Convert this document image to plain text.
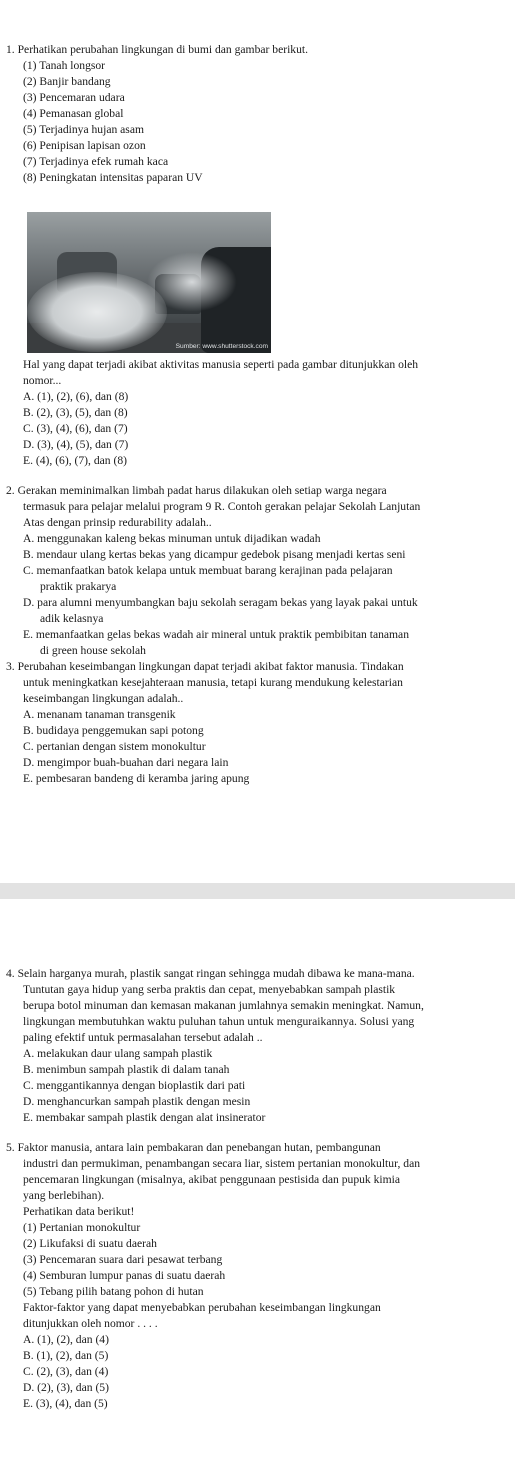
1. Perhatikan perubahan lingkungan di bumi dan gambar berikut.
(1) Tanah longsor
(2) Banjir bandang
(3) Pencemaran udara
(4) Pemanasan global
(5) Terjadinya hujan asam
(6) Penipisan lapisan ozon
(7) Terjadinya efek rumah kaca
(8) Peningkatan intensitas paparan UV
Sumber: www.shutterstock.com
Hal yang dapat terjadi akibat aktivitas manusia seperti pada gambar ditunjukkan oleh
nomor...
A. (1), (2), (6), dan (8)
B. (2), (3), (5), dan (8)
C. (3), (4), (6), dan (7)
D. (3), (4), (5), dan (7)
E. (4), (6), (7), dan (8)
2. Gerakan meminimalkan limbah padat harus dilakukan oleh setiap warga negara
termasuk para pelajar melalui program 9 R. Contoh gerakan pelajar Sekolah Lanjutan
Atas dengan prinsip redurability adalah..
A. menggunakan kaleng bekas minuman untuk dijadikan wadah
B. mendaur ulang kertas bekas yang dicampur gedebok pisang menjadi kertas seni
C. memanfaatkan batok kelapa untuk membuat barang kerajinan pada pelajaran
praktik prakarya
D. para alumni menyumbangkan baju sekolah seragam bekas yang layak pakai untuk
adik kelasnya
E. memanfaatkan gelas bekas wadah air mineral untuk praktik pembibitan tanaman
di green house sekolah
3. Perubahan keseimbangan lingkungan dapat terjadi akibat faktor manusia. Tindakan
untuk meningkatkan kesejahteraan manusia, tetapi kurang mendukung kelestarian
keseimbangan lingkungan adalah..
A. menanam tanaman transgenik
B. budidaya penggemukan sapi potong
C. pertanian dengan sistem monokultur
D. mengimpor buah-buahan dari negara lain
E. pembesaran bandeng di keramba jaring apung
4. Selain harganya murah, plastik sangat ringan sehingga mudah dibawa ke mana-mana.
Tuntutan gaya hidup yang serba praktis dan cepat, menyebabkan sampah plastik
berupa botol minuman dan kemasan makanan jumlahnya semakin meningkat. Namun,
lingkungan membutuhkan waktu puluhan tahun untuk menguraikannya. Solusi yang
paling efektif untuk permasalahan tersebut adalah ..
A. melakukan daur ulang sampah plastik
B. menimbun sampah plastik di dalam tanah
C. menggantikannya dengan bioplastik dari pati
D. menghancurkan sampah plastik dengan mesin
E. membakar sampah plastik dengan alat insinerator
5. Faktor manusia, antara lain pembakaran dan penebangan hutan, pembangunan
industri dan permukiman, penambangan secara liar, sistem pertanian monokultur, dan
pencemaran lingkungan (misalnya, akibat penggunaan pestisida dan pupuk kimia
yang berlebihan).
Perhatikan data berikut!
(1) Pertanian monokultur
(2) Likufaksi di suatu daerah
(3) Pencemaran suara dari pesawat terbang
(4) Semburan lumpur panas di suatu daerah
(5) Tebang pilih batang pohon di hutan
Faktor-faktor yang dapat menyebabkan perubahan keseimbangan lingkungan
ditunjukkan oleh nomor . . . .
A. (1), (2), dan (4)
B. (1), (2), dan (5)
C. (2), (3), dan (4)
D. (2), (3), dan (5)
E. (3), (4), dan (5)
